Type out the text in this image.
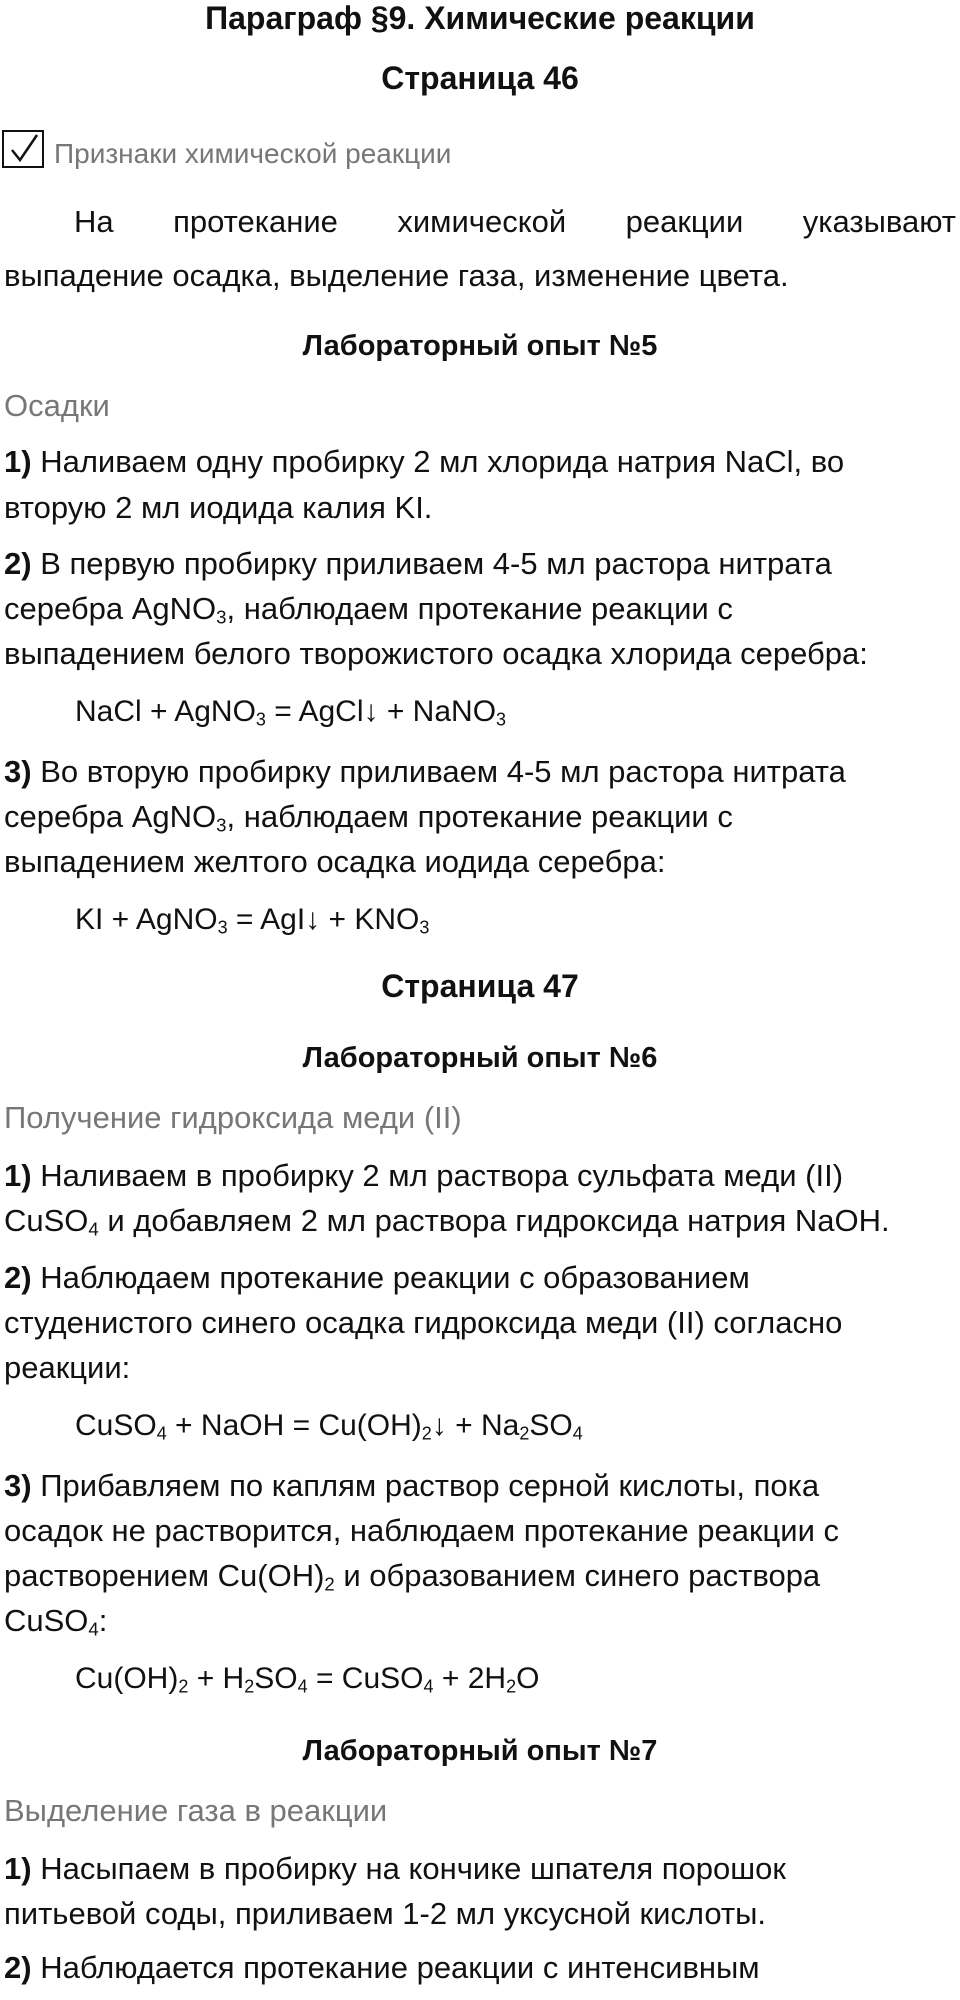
Параграф §9. Химические реакции
Страница 46
Признаки химической реакции
На протекание химической реакции указывают
выпадение осадка, выделение газа, изменение цвета.
Лабораторный опыт №5
Осадки
1) Наливаем одну пробирку 2 мл хлорида натрия NaCl, во
вторую 2 мл иодида калия KI.
2) В первую пробирку приливаем 4-5 мл растора нитрата
серебра AgNO$_3$, наблюдаем протекание реакции с
выпадением белого творожистого осадка хлорида серебра:
NaCl + AgNO$_3$ = AgCl↓ + NaNO$_3$
3) Во вторую пробирку приливаем 4-5 мл растора нитрата
серебра AgNO$_3$, наблюдаем протекание реакции с
выпадением желтого осадка иодида серебра:
KI + AgNO$_3$ = AgI↓ + $KNO_3$
Страница 47
Лабораторный опыт №6
Получение гидроксида меди (II)
1) Наливаем в пробирку 2 мл раствора сульфата меди (II)
CuSO$_4$ и добавляем 2 мл раствора гидроксида натрия NaOH.
2) Наблюдаем протекание реакции с образованием
студенистого синего осадка гидроксида меди (II) согласно
реакции:
CuSO$_4$ + NaOH = $Cu(OH)_2↓ + Na_2SO_4$
3) Прибавляем по каплям раствор серной кислоты, пока
осадок не растворится, наблюдаем протекание реакции с
растворением $Cu(OH)_2$ и образованием синего раствора
CuSO$_4$:
$Cu(OH)_2 + H_2SO_4$ = CuSO$_4$ + $2H_2O$
Лабораторный опыт №7
Выделение газа в реакции
1) Насыпаем в пробирку на кончике шпателя порошок
питьевой соды, приливаем 1-2 мл уксусной кислоты.
2) Наблюдается протекание реакции с интенсивным
